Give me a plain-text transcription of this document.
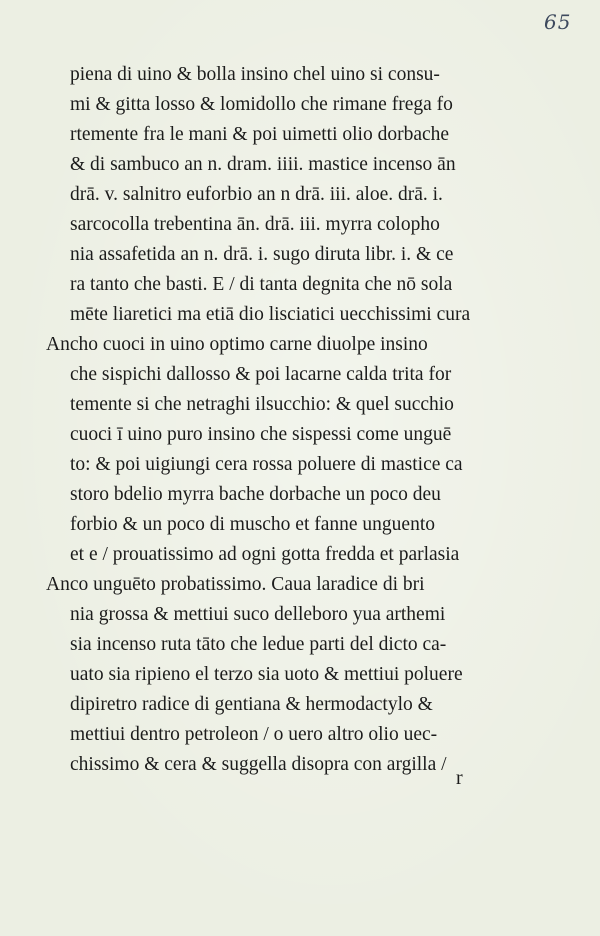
65
piena di uino & bolla insino chel uino si consu-
mi & gitta losso & lomidollo che rimane frega fo
rtemente fra le mani & poi uimetti olio dorbache
& di sambuco an n. dram. iiii. mastice incenso ān
drā. v. salnitro euforbio an n drā. iii. aloe. drā. i.
sarcocolla trebentina ān. drā. iii. myrra colopho
nia assafetida an n. drā. i. sugo diruta libr. i. & ce
ra tanto che basti. E / di tanta degnita che nō sola
mēte liaretici ma etiā dio lisciatici uecchissimi cura
Ancho cuoci in uino optimo carne diuolpe insino
che sispichi dallosso & poi lacarne calda trita for
temente si che netraghi ilsucchio: & quel succhio
cuoci ī uino puro insino che sispessi come unguē
to: & poi uigiungi cera rossa poluere di mastice ca
storo bdelio myrra bache dorbache un poco deu
forbio & un poco di muscho et fanne unguento
et e / prouatissimo ad ogni gotta fredda et parlasia
Anco unguēto probatissimo. Caua laradice di bri
nia grossa & mettiui suco delleboro yua arthemi
sia incenso ruta tāto che ledue parti del dicto ca-
uato sia ripieno el terzo sia uoto & mettiui poluere
dipiretro radice di gentiana & hermodactylo &
mettiui dentro petroleon / o uero altro olio uec-
chissimo & cera & suggella disopra con argilla /
r
